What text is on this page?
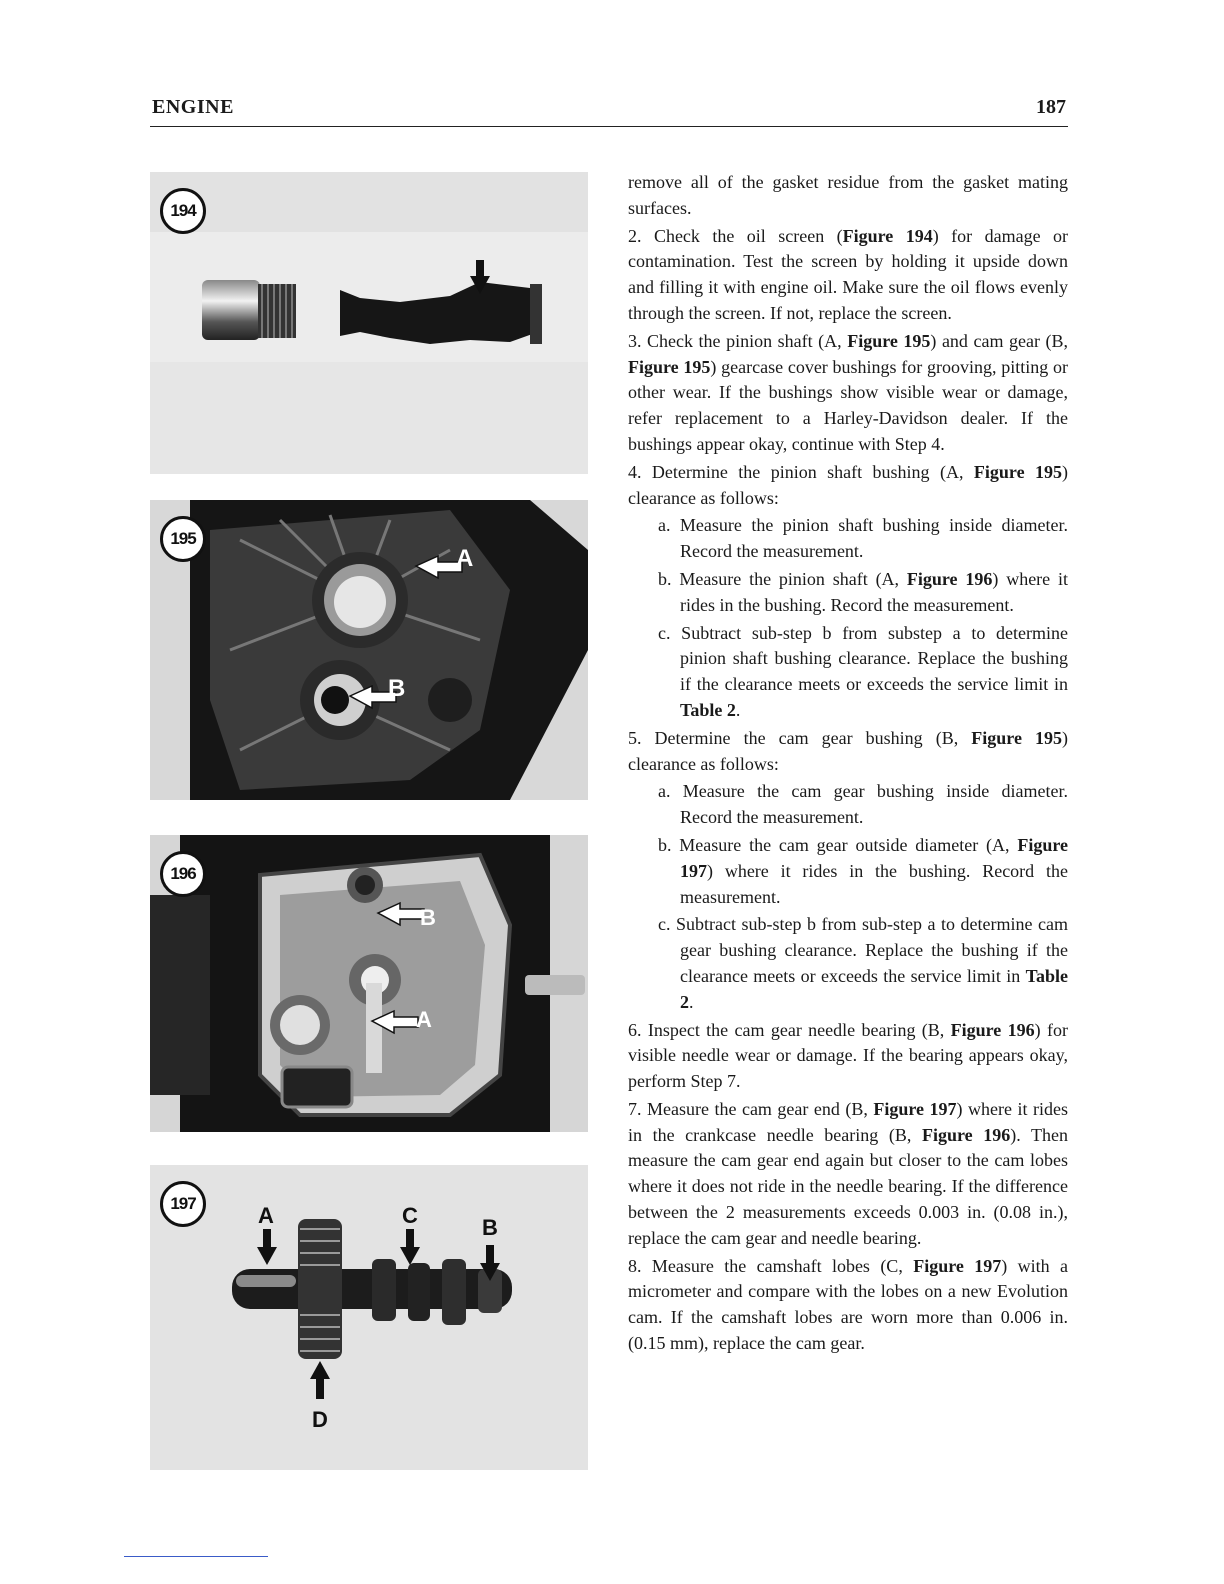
ENGINE	187
194
A
B
195
B
A
196
A	C	B
D
197

remove all of the gasket residue from the gasket mating surfaces.

2. Check the oil screen (Figure 194) for damage or contamination. Test the screen by holding it upside down and filling it with engine oil. Make sure the oil flows evenly through the screen. If not, replace the screen.

3. Check the pinion shaft (A, Figure 195) and cam gear (B, Figure 195) gearcase cover bushings for grooving, pitting or other wear. If the bushings show visible wear or damage, refer replacement to a Harley-Davidson dealer. If the bushings appear okay, continue with Step 4.

4. Determine the pinion shaft bushing (A, Figure 195) clearance as follows:

a. Measure the pinion shaft bushing inside diameter. Record the measurement.

b. Measure the pinion shaft (A, Figure 196) where it rides in the bushing. Record the measurement.

c. Subtract sub-step b from substep a to determine pinion shaft bushing clearance. Replace the bushing if the clearance meets or exceeds the service limit in Table 2.

5. Determine the cam gear bushing (B, Figure 195) clearance as follows:

a. Measure the cam gear bushing inside diameter. Record the measurement.

b. Measure the cam gear outside diameter (A, Figure 197) where it rides in the bushing. Record the measurement.

c. Subtract sub-step b from sub-step a to determine cam gear bushing clearance. Replace the bushing if the clearance meets or exceeds the service limit in Table 2.

6. Inspect the cam gear needle bearing (B, Figure 196) for visible needle wear or damage. If the bearing appears okay, perform Step 7.

7. Measure the cam gear end (B, Figure 197) where it rides in the crankcase needle bearing (B, Figure 196). Then measure the cam gear end again but closer to the cam lobes where it does not ride in the needle bearing. If the difference between the 2 measurements exceeds 0.003 in. (0.08 in.), replace the cam gear and needle bearing.

8. Measure the camshaft lobes (C, Figure 197) with a micrometer and compare with the lobes on a new Evolution cam. If the camshaft lobes are worn more than 0.006 in. (0.15 mm), replace the cam gear.
